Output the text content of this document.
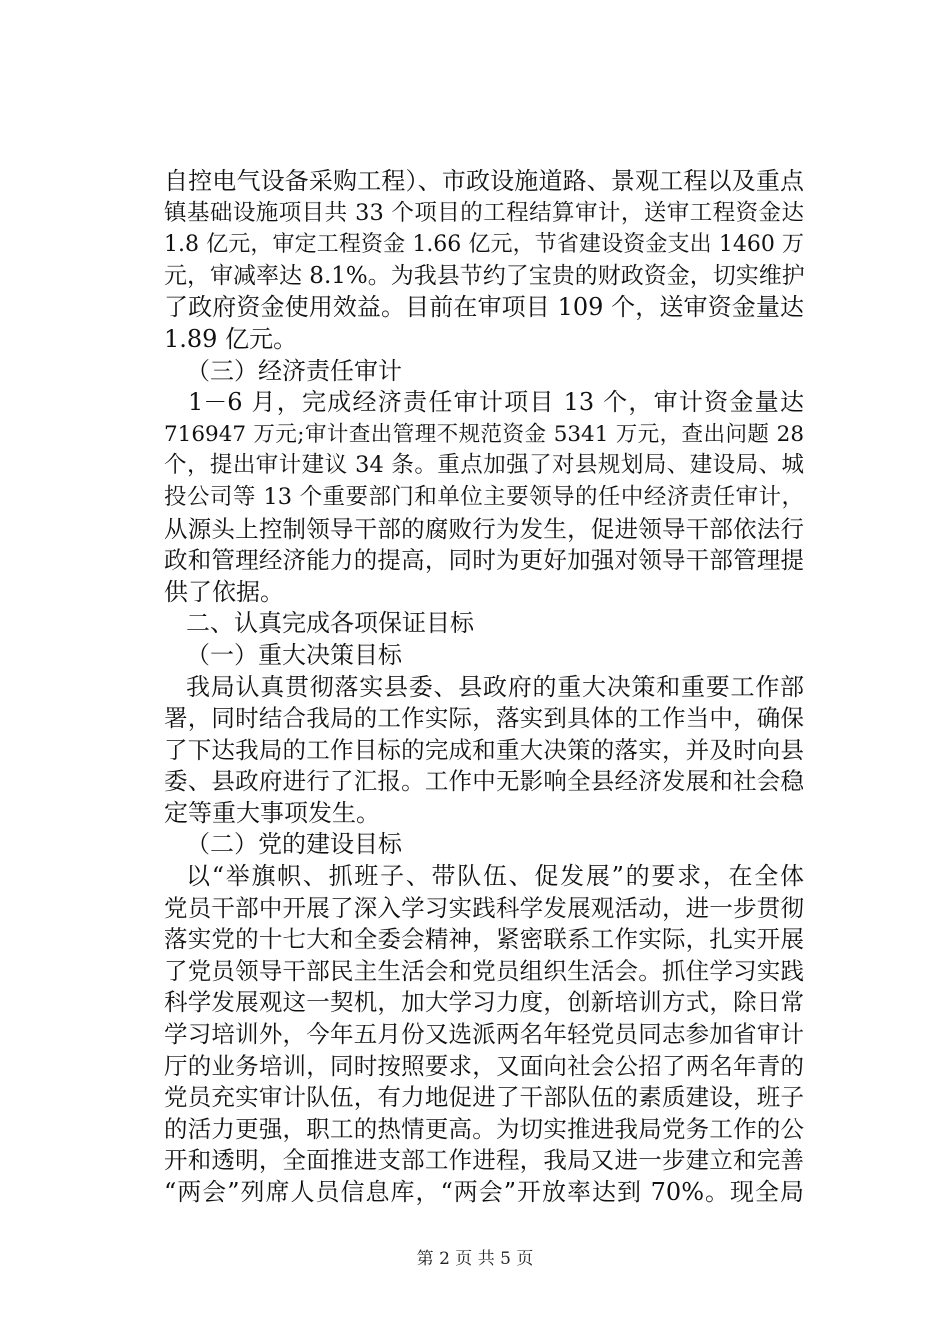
自控电气设备采购工程）、市政设施道路、景观工程以及重点
镇基础设施项目共 33 个项目的工程结算审计，送审工程资金达
1.8 亿元，审定工程资金 1.66 亿元，节省建设资金支出 1460 万
元，审减率达 8.1%。为我县节约了宝贵的财政资金，切实维护
了政府资金使用效益。目前在审项目 109 个，送审资金量达
1.89 亿元。
（三）经济责任审计
1－6 月，完成经济责任审计项目 13 个，审计资金量达
716947 万元;审计查出管理不规范资金 5341 万元，查出问题 28
个，提出审计建议 34 条。重点加强了对县规划局、建设局、城
投公司等 13 个重要部门和单位主要领导的任中经济责任审计，
从源头上控制领导干部的腐败行为发生，促进领导干部依法行
政和管理经济能力的提高，同时为更好加强对领导干部管理提
供了依据。
二、认真完成各项保证目标
（一）重大决策目标
我局认真贯彻落实县委、县政府的重大决策和重要工作部
署，同时结合我局的工作实际，落实到具体的工作当中，确保
了下达我局的工作目标的完成和重大决策的落实，并及时向县
委、县政府进行了汇报。工作中无影响全县经济发展和社会稳
定等重大事项发生。
（二）党的建设目标
以“举旗帜、抓班子、带队伍、促发展”的要求，在全体
党员干部中开展了深入学习实践科学发展观活动，进一步贯彻
落实党的十七大和全委会精神，紧密联系工作实际，扎实开展
了党员领导干部民主生活会和党员组织生活会。抓住学习实践
科学发展观这一契机，加大学习力度，创新培训方式，除日常
学习培训外，今年五月份又选派两名年轻党员同志参加省审计
厅的业务培训，同时按照要求，又面向社会公招了两名年青的
党员充实审计队伍，有力地促进了干部队伍的素质建设，班子
的活力更强，职工的热情更高。为切实推进我局党务工作的公
开和透明，全面推进支部工作进程，我局又进一步建立和完善
“两会”列席人员信息库，“两会”开放率达到 70%。现全局
第 2 页 共 5 页
